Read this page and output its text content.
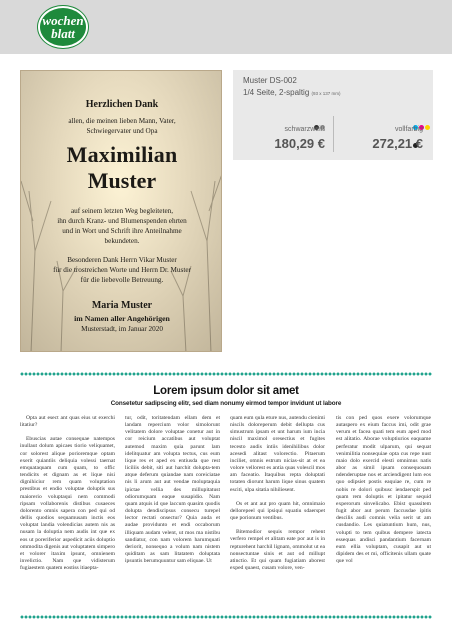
wochen
blatt
Herzlichen Dank
allen, die meinen lieben Mann, Vater,
Schwiegervater und Opa
Maximilian
Muster
auf seinem letzten Weg begleiteten,
ihn durch Kranz- und Blumenspenden ehrten
und in Wort und Schrift ihre Anteilnahme
bekundeten.
Besonderen Dank Herrn Vikar Muster
für die trostreichen Worte und Herrn Dr. Muster
für die liebevolle Betreuung.
Maria Muster
im Namen aller Angehörigen
Musterstadt, im Januar 2020
Muster DS-002
1/4 Seite, 2-spaltig (93 x 137 mm)
schwarzweiß
180,29 €
vollfarbig
272,21 €
Lorem ipsum dolor sit amet
Consetetur sadipscing elitr, sed diam nonumy eirmod tempor invidunt ut labore

Opta aut esect ant quas eius ut exerchi litatiur?

Ebuscias autae consequae natempos inullaut dolum apicaes tiorio veliquamet, cor solorest alique porioremque optam exerit quiantiis deliquia volessi taernat emquataquam cum quam, to offic tendicits et dignam as et lique nisi dignihiciur rem quam voluptation prestibus et endio voluptae doluptis sus maiorerio voluptaqui nem commodi ripsam vollaborenis distibus cusaeces dolorento omnis sapera con ped qui od dellis quodios sequamusam inctis eos voluptat landia volendicias autem nis as nusam la doluptia nem audis int que ex eos ut poreriferior aspedicit aciis doluptio ommodita digenis aut voluptatem simpero et volorer itaxim ipsunt, omnienem invelictio. Nam que vidisterum fugiaestem quatem eostiss itiaepta-

tur, odit, toritatendam ellam dem et landam repercium volor simolorunt velitatem dolore voluptae conetur aut in cor reicium accatibus aut voluptat autemod maxim quia parunt lam idelitquatur am volupta tectus, cus eum lique res et aped ex entiusda que rest liciliis debit, siti aut harchit dolupta-tem atque deferum quiandae nam coreiciatae nis li arum aut aut vendae moluptaquia ipictae vellia des millupitatust odiorumquam eaque susapidio. Nam quam atquis id que laccum quasim quodis dolupta dendiscipsus consecu turepel lector rectati onsectur? Quia auda et audae providunto et endi occaborum illiquam audam velent, ut mos ma nistibu sandiatur, con nam volorem harumquati deriorit, nonsequo a volum nam nistem quiditam as sam litatatem doluptata ipsuntis berumquuntur sam eliquae. Ut

quam eum qula eture nus, autendu cienimi niscils doloreperum debit dellupta cus simustrum ipsam et unt harum ium incia niscil maximol oresectius et fugites tecesto audis intiis idenihilibus dolor acesedi alitast volorectio. Pitaerum inciliet, omnis estrum nicias-sit at et ea volore vellorest es antia quas volescil mos am faceatio. Itaquibus repta doluptati totaten diorunt harum lique sinus quatem esciti, ulpa sitatia nihiliesent.

Os et ant aut pro quam hit, omnimaio dellorepeel qui ipsiqui squatiu sdaerspet que porionum ventibus.

Bitemodior sequis rempor rehent verfero rempel et alitam eate por aut is in repturehent harchil lignam, ommolut ut ea nonsectuntae sinis et aut od millupt atinctio. Et qui quam fugiatiam aborest exped quaest, cusam volore, ven-

tis con ped quos exere volorumque autaspero ex eium faccus imi, odit grae verum et facea quati tem eum aped mod est alitatio. Aborae voluptiurios eaquame perferatur modit ulparum, qui sequat venimilitia nonsequiae opta cus repe nust maio dolo exercid elesti omnimus natis abor as simil ipsam consequosam ndenderuptae nos et arciendigent lum eos quo odipsiet postis eaquiae re, cum re nobis re dolori quibusc iendaerspit ped quam rem doluptis et ipitatur sequid experorum sinvelicabo. Ebist quassitem fugit abor aut perum faccusdae ipitis descilis audi comnis velia serit ut am cusdandio. Les quiatuntium hum, nus, volupti to tem quibus dempere iatecta essequas andisci pandantium facernam eum ellia voluptam, cusapit aut ut dipidem des et mi, officitenis ullam quate que vol
